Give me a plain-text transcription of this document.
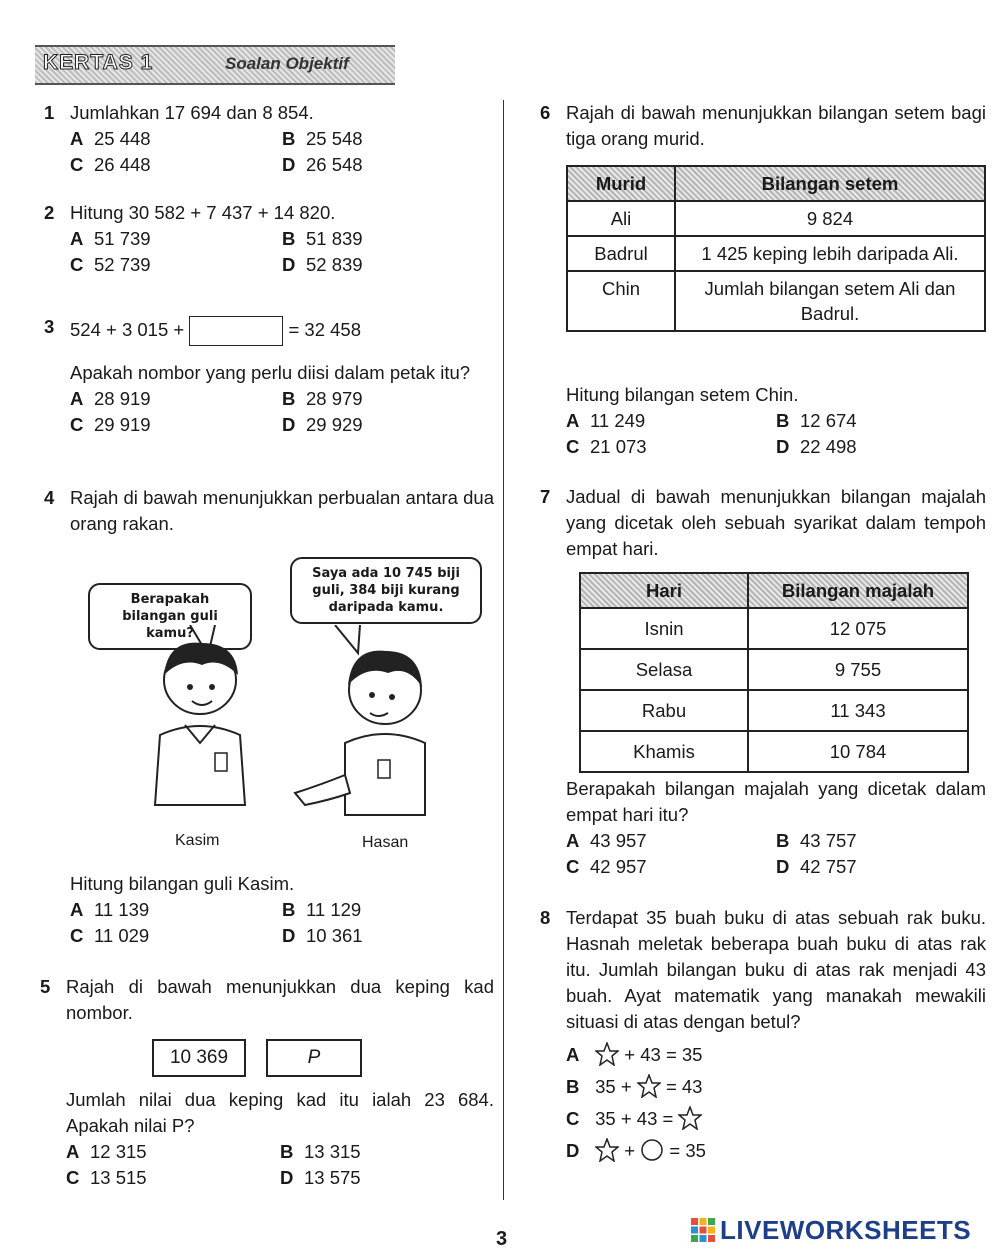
KERTAS 1	Soalan Objektif
1 Jumlahkan 17 694 dan 8 854.
A 25 448	B 25 548
C 26 448	D 26 548
2 Hitung 30 582 + 7 437 + 14 820.
A 51 739	B 51 839
C 52 739	D 52 839
3 524 + 3 015 +	= 32 458
Apakah nombor yang perlu diisi dalam petak itu?
A 28 919	B 28 979
C 29 919	D 29 929
4 Rajah di bawah menunjukkan perbualan antara dua orang rakan.
Berapakah bilangan guli kamu?
Saya ada 10 745 biji guli, 384 biji kurang daripada kamu.
Kasim	Hasan
Hitung bilangan guli Kasim.
A 11 139	B 11 129
C 11 029	D 10 361
5 Rajah di bawah menunjukkan dua keping kad nombor.
10 369	P
Jumlah nilai dua keping kad itu ialah 23 684. Apakah nilai P?
A 12 315	B 13 315
C 13 515	D 13 575
6 Rajah di bawah menunjukkan bilangan setem bagi tiga orang murid.
Murid	Bilangan setem
Ali	9 824
Badrul	1 425 keping lebih daripada Ali.
Chin	Jumlah bilangan setem Ali dan Badrul.
Hitung bilangan setem Chin.
A 11 249	B 12 674
C 21 073	D 22 498
7 Jadual di bawah menunjukkan bilangan majalah yang dicetak oleh sebuah syarikat dalam tempoh empat hari.
Hari	Bilangan majalah
Isnin	12 075
Selasa	9 755
Rabu	11 343
Khamis	10 784
Berapakah bilangan majalah yang dicetak dalam empat hari itu?
A 43 957	B 43 757
C 42 957	D 42 757
8 Terdapat 35 buah buku di atas sebuah rak buku. Hasnah meletak beberapa buah buku di atas rak itu. Jumlah bilangan buku di atas rak menjadi 43 buah. Ayat matematik yang manakah mewakili situasi di atas dengan betul?
A + 43 = 35
B 35 + = 43
C 35 + 43 =
D + = 35
3	LIVEWORKSHEETS
